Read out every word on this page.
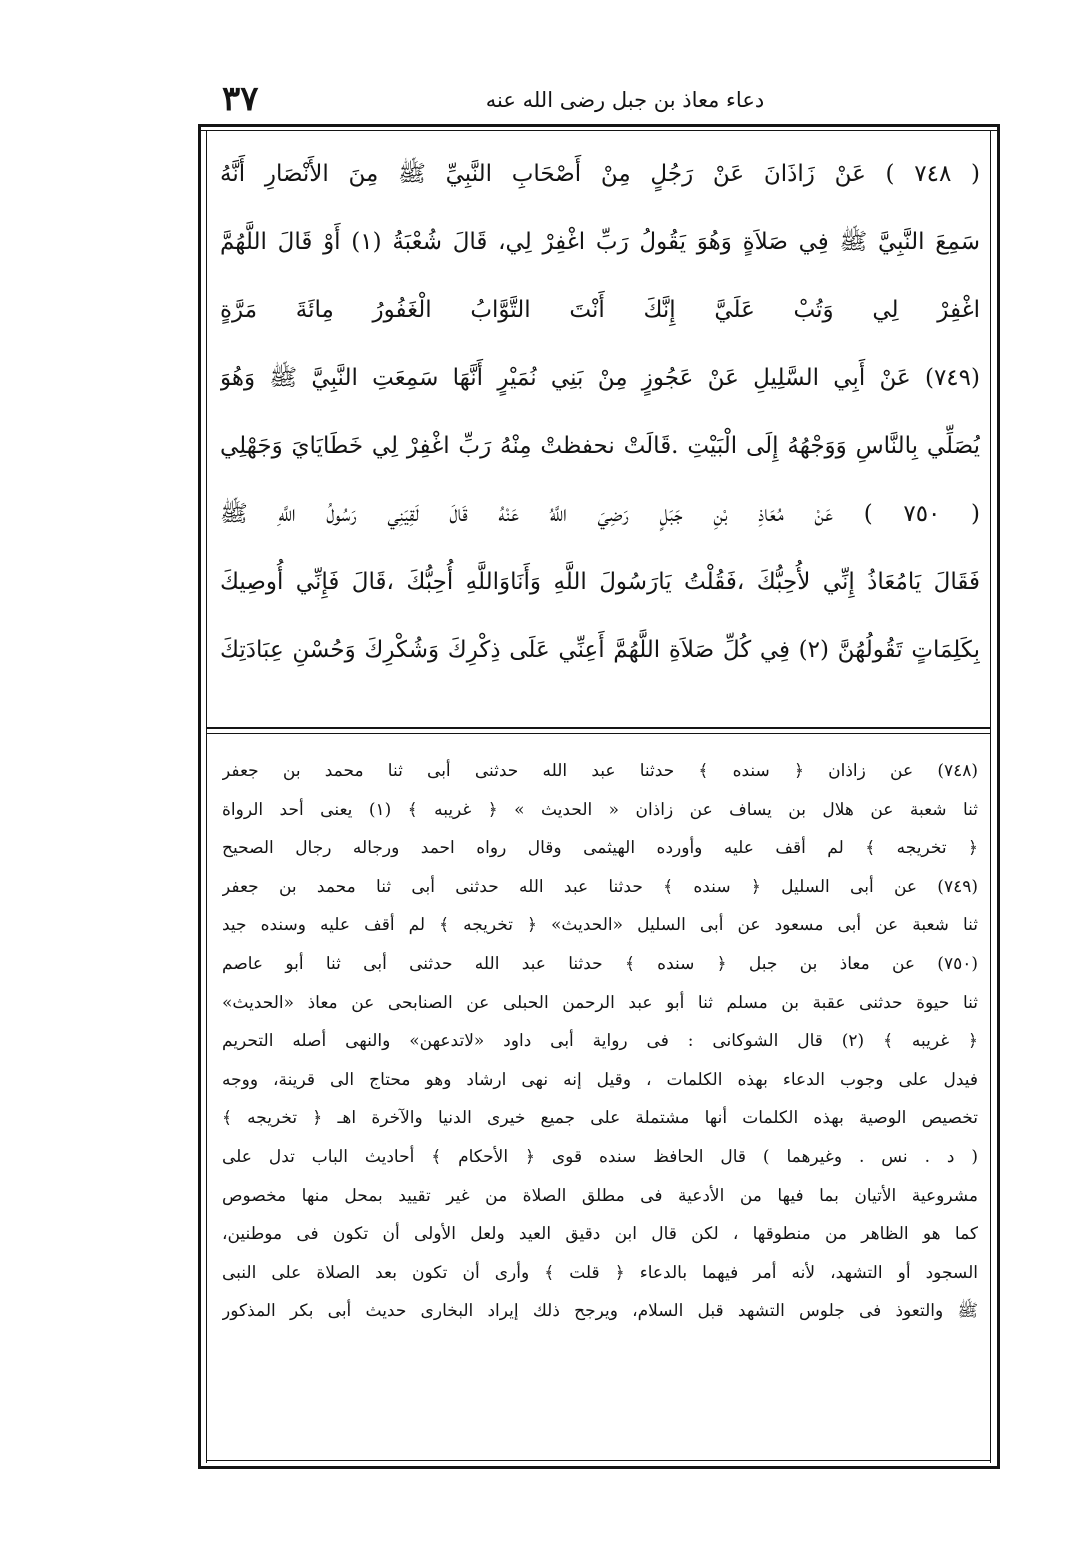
٣٧	دعاء معاذ بن جبل رضى الله عنه
( ٧٤٨ ) عَنْ زَاذَانَ عَنْ رَجُلٍ مِنْ أَصْحَابِ النَّبِيِّ ﷺ مِنَ الأَنْصَارِ أَنَّهُ
سَمِعَ النَّبِيَّ ﷺ فِي صَلاَةٍ وَهُوَ يَقُولُ رَبِّ اغْفِرْ لِي، قَالَ شُعْبَةُ (١) أَوْ قَالَ اللَّهُمَّ
اغْفِرْ لِي وَتُبْ عَلَيَّ إِنَّكَ أَنْتَ التَّوَّابُ الْغَفُورُ مِائَةَ مَرَّةٍ
(٧٤٩) عَنْ أَبِي السَّلِيلِ عَنْ عَجُوزٍ مِنْ بَنِي نُمَيْرٍ أَنَّهَا سَمِعَتِ النَّبِيَّ ﷺ وَهُوَ
يُصَلِّي بِالنَّاسِ وَوَجْهُهُ إِلَى الْبَيْتِ .قَالَتْ نحفظتْ مِنْهُ رَبِّ اغْفِرْ لِي خَطَايَايَ وَجَهْلِي
( ٧٥٠ ) عَنْ مُعَاذِ بْنِ جَبَلٍ رَضِيَ اللَّهُ عَنْهُ قَالَ لَقِيَنِي رَسُولُ اللَّهِ ﷺ
فَقَالَ يَامُعَاذُ إِنِّي لأُحِبُّكَ ،فَقُلْتُ يَارَسُولَ اللَّهِ وَأَنَاوَاللَّهِ أُحِبُّكَ ،قَالَ فَإِنِّي أُوصِيكَ
بِكَلِمَاتٍ تَقُولُهُنَّ (٢) فِي كُلِّ صَلاَةِ اللَّهُمَّ أَعِنِّي عَلَى ذِكْرِكَ وَشُكْرِكَ وَحُسْنِ عِبَادَتِكَ
(٧٤٨) عن زاذان ﴿ سنده ﴾ حدثنا عبد الله حدثنى أبى ثنا محمد بن جعفر
ثنا شعبة عن هلال بن يساف عن زاذان « الحديث » ﴿ غريبه ﴾ (١) يعنى أحد الرواة
﴿ تخريجه ﴾ لم أقف عليه وأورده الهيثمى وقال رواه احمد ورجاله رجال الصحيح
(٧٤٩) عن أبى السليل ﴿ سنده ﴾ حدثنا عبد الله حدثنى أبى ثنا محمد بن جعفر
ثنا شعبة عن أبى مسعود عن أبى السليل «الحديث» ﴿ تخريجه ﴾ لم أقف عليه وسنده جيد
(٧٥٠) عن معاذ بن جبل ﴿ سنده ﴾ حدثنا عبد الله حدثنى أبى ثنا أبو عاصم
ثنا حيوة حدثنى عقبة بن مسلم ثنا أبو عبد الرحمن الحبلى عن الصنابحى عن معاذ «الحديث»
﴿ غريبه ﴾ (٢) قال الشوكانى : فى رواية أبى داود «لاتدعهن» والنهى أصله التحريم
فيدل على وجوب الدعاء بهذه الكلمات ، وقيل إنه نهى ارشاد وهو محتاج الى قرينة، ووجه
تخصيص الوصية بهذه الكلمات أنها مشتملة على جميع خيرى الدنيا والآخرة اهـ ﴿ تخريجه ﴾
( د . نس . وغيرهما ) قال الحافظ سنده قوى ﴿ الأحكام ﴾ أحاديث الباب تدل على
مشروعية الأتيان بما فيها من الأدعية فى مطلق الصلاة من غير تقييد بمحل منها مخصوص
كما هو الظاهر من منطوقها ، لكن قال ابن دقيق العيد ولعل الأولى أن تكون فى موطنين،
السجود أو التشهد، لأنه أمر فيهما بالدعاء ﴿ قلت ﴾ وأرى أن تكون بعد الصلاة على النبى
ﷺ والتعوذ فى جلوس التشهد قبل السلام، ويرجح ذلك إيراد البخارى حديث أبى بكر المذكور
